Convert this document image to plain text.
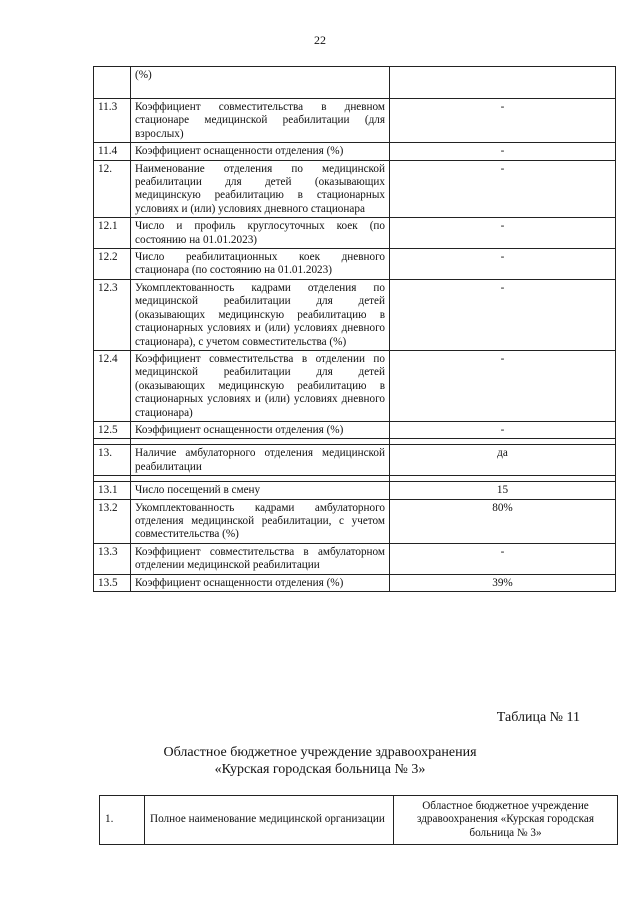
22
	(%)	
11.3	Коэффициент совместительства в дневном стационаре медицинской реабилитации (для взрослых)	-
11.4	Коэффициент оснащенности отделения (%)	-
12.	Наименование отделения по медицинской реабилитации для детей (оказывающих медицинскую реабилитацию в стационарных условиях и (или) условиях дневного стационара	-
12.1	Число и профиль круглосуточных коек (по состоянию на 01.01.2023)	-
12.2	Число реабилитационных коек дневного стационара (по состоянию на 01.01.2023)	-
12.3	Укомплектованность кадрами отделения по медицинской реабилитации для детей (оказывающих медицинскую реабилитацию в стационарных условиях и (или) условиях дневного стационара), с учетом совместительства (%)	-
12.4	Коэффициент совместительства в отделении по медицинской реабилитации для детей (оказывающих медицинскую реабилитацию в стационарных условиях и (или) условиях дневного стационара)	-
12.5	Коэффициент оснащенности отделения (%)	-

13.	Наличие амбулаторного отделения медицинской реабилитации	да

13.1	Число посещений в смену	15
13.2	Укомплектованность кадрами амбулаторного отделения медицинской реабилитации, с учетом совместительства (%)	80%
13.3	Коэффициент совместительства в амбулаторном отделении медицинской реабилитации	-
13.5	Коэффициент оснащенности отделения (%)	39%
Таблица № 11
Областное бюджетное учреждение здравоохранения
«Курская городская больница № 3»
1.	Полное наименование медицинской организации	Областное бюджетное учреждение здравоохранения «Курская городская больница № 3»
